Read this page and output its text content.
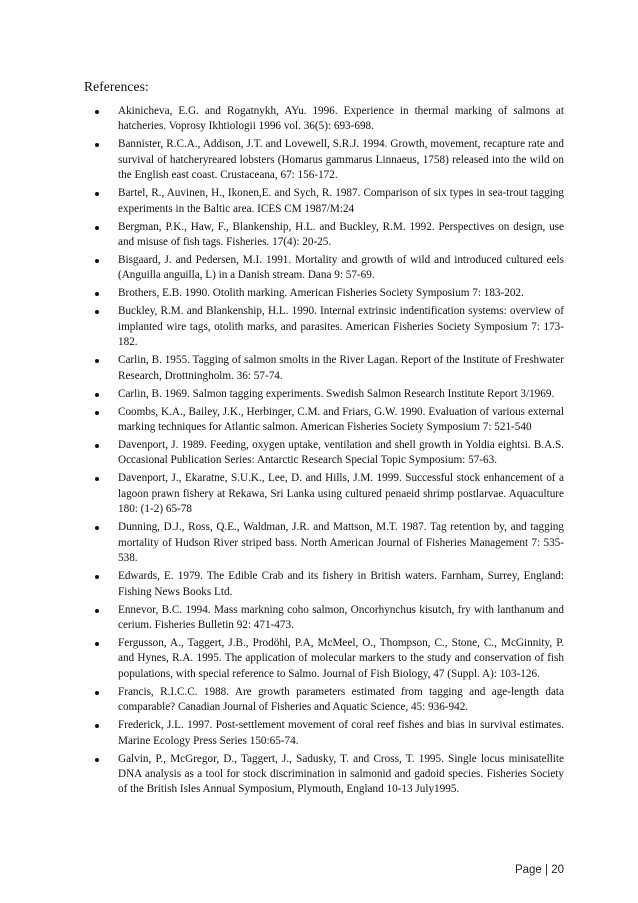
References:
Akinicheva, E.G. and Rogatnykh, AYu. 1996. Experience in thermal marking of salmons at hatcheries. Voprosy Ikhtiologii 1996 vol. 36(5): 693-698.
Bannister, R.C.A., Addison, J.T. and Lovewell, S.R.J. 1994. Growth, movement, recapture rate and survival of hatcheryreared lobsters (Homarus gammarus Linnaeus, 1758) released into the wild on the English east coast. Crustaceana, 67: 156-172.
Bartel, R., Auvinen, H., Ikonen,E. and Sych, R. 1987. Comparison of six types in sea-trout tagging experiments in the Baltic area. ICES CM 1987/M:24
Bergman, P.K., Haw, F., Blankenship, H.L. and Buckley, R.M. 1992. Perspectives on design, use and misuse of fish tags. Fisheries. 17(4): 20-25.
Bisgaard, J. and Pedersen, M.I. 1991. Mortality and growth of wild and introduced cultured eels (Anguilla anguilla, L) in a Danish stream. Dana 9: 57-69.
Brothers, E.B. 1990. Otolith marking. American Fisheries Society Symposium 7: 183-202.
Buckley, R.M. and Blankenship, H.L. 1990. Internal extrinsic indentification systems: overview of implanted wire tags, otolith marks, and parasites. American Fisheries Society Symposium 7: 173-182.
Carlin, B. 1955. Tagging of salmon smolts in the River Lagan. Report of the Institute of Freshwater Research, Drottningholm. 36: 57-74.
Carlin, B. 1969. Salmon tagging experiments. Swedish Salmon Research Institute Report 3/1969.
Coombs, K.A., Bailey, J.K., Herbinger, C.M. and Friars, G.W. 1990. Evaluation of various external marking techniques for Atlantic salmon. American Fisheries Society Symposium 7: 521-540
Davenport, J. 1989. Feeding, oxygen uptake, ventilation and shell growth in Yoldia eightsi. B.A.S. Occasional Publication Series: Antarctic Research Special Topic Symposium: 57-63.
Davenport, J., Ekaratne, S.U.K., Lee, D. and Hills, J.M. 1999. Successful stock enhancement of a lagoon prawn fishery at Rekawa, Sri Lanka using cultured penaeid shrimp postlarvae. Aquaculture 180: (1-2) 65-78
Dunning, D.J., Ross, Q.E., Waldman, J.R. and Mattson, M.T. 1987. Tag retention by, and tagging mortality of Hudson River striped bass. North American Journal of Fisheries Management 7: 535-538.
Edwards, E. 1979. The Edible Crab and its fishery in British waters. Farnham, Surrey, England: Fishing News Books Ltd.
Ennevor, B.C. 1994. Mass markning coho salmon, Oncorhynchus kisutch, fry with lanthanum and cerium. Fisheries Bulletin 92: 471-473.
Fergusson, A., Taggert, J.B., Prodöhl, P.A, McMeel, O., Thompson, C., Stone, C., McGinnity, P. and Hynes, R.A. 1995. The application of molecular markers to the study and conservation of fish populations, with special reference to Salmo. Journal of Fish Biology, 47 (Suppl. A): 103-126.
Francis, R.I.C.C. 1988. Are growth parameters estimated from tagging and age-length data comparable? Canadian Journal of Fisheries and Aquatic Science, 45: 936-942.
Frederick, J.L. 1997. Post-settlement movement of coral reef fishes and bias in survival estimates. Marine Ecology Press Series 150:65-74.
Galvin, P., McGregor, D., Taggert, J., Sadusky, T. and Cross, T. 1995. Single locus minisatellite DNA analysis as a tool for stock discrimination in salmonid and gadoid species. Fisheries Society of the British Isles Annual Symposium, Plymouth, England 10-13 July1995.
Page | 20
